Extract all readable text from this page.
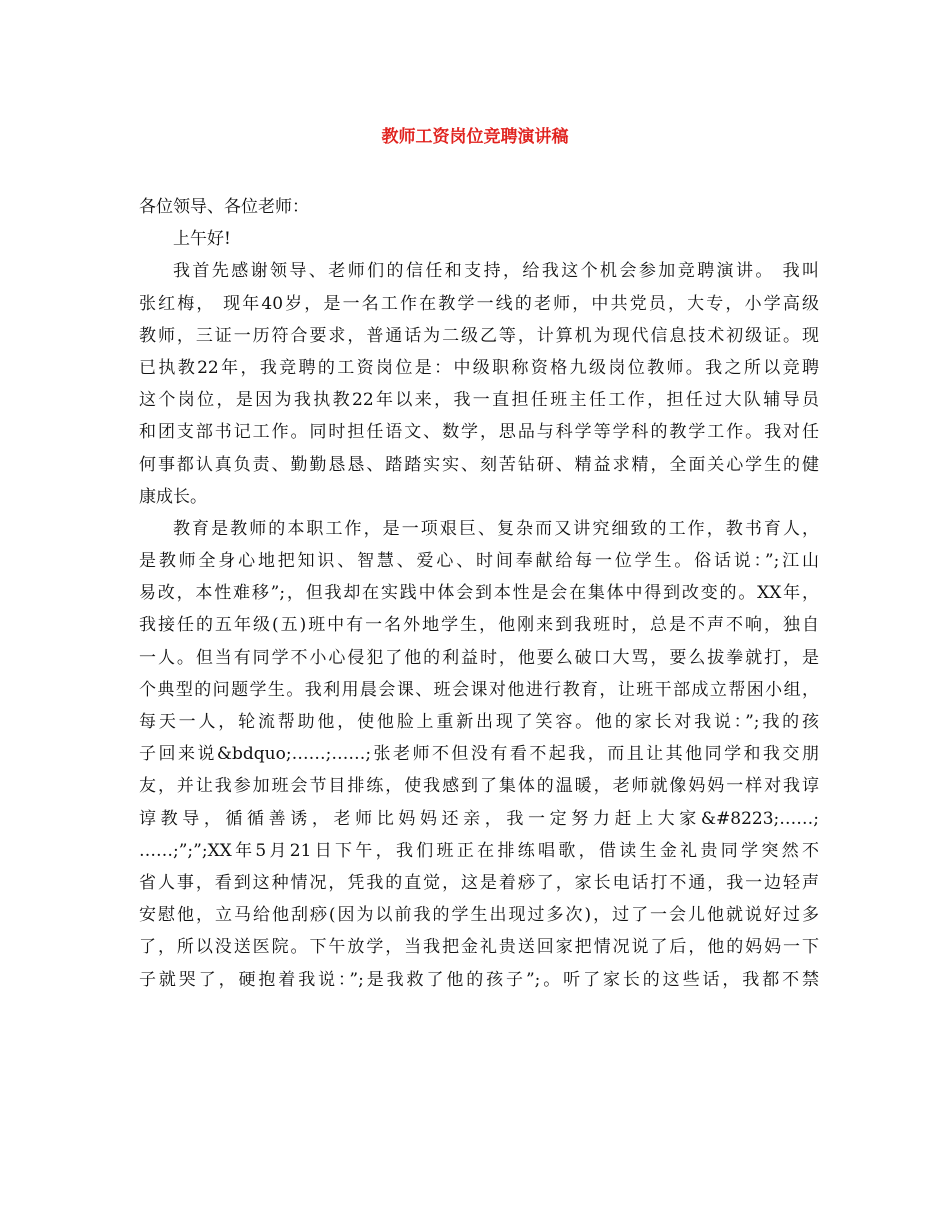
教师工资岗位竞聘演讲稿
各位领导、各位老师：
上午好!
我首先感谢领导、老师们的信任和支持，给我这个机会参加竞聘演讲。 我叫
张红梅， 现年40岁，是一名工作在教学一线的老师，中共党员，大专，小学高级
教师，三证一历符合要求，普通话为二级乙等，计算机为现代信息技术初级证。现
已执教22年，我竞聘的工资岗位是：中级职称资格九级岗位教师。我之所以竞聘
这个岗位，是因为我执教22年以来，我一直担任班主任工作，担任过大队辅导员
和团支部书记工作。同时担任语文、数学，思品与科学等学科的教学工作。我对任
何事都认真负责、勤勤恳恳、踏踏实实、刻苦钻研、精益求精，全面关心学生的健
康成长。
教育是教师的本职工作，是一项艰巨、复杂而又讲究细致的工作，教书育人，
是教师全身心地把知识、智慧、爱心、时间奉献给每一位学生。俗话说：”;江山
易改，本性难移”;，但我却在实践中体会到本性是会在集体中得到改变的。XX年，
我接任的五年级(五)班中有一名外地学生，他刚来到我班时，总是不声不响，独自
一人。但当有同学不小心侵犯了他的利益时，他要么破口大骂，要么拔拳就打，是
个典型的问题学生。我利用晨会课、班会课对他进行教育，让班干部成立帮困小组，
每天一人，轮流帮助他，使他脸上重新出现了笑容。他的家长对我说：”;我的孩
子回来说&bdquo;……;……;张老师不但没有看不起我，而且让其他同学和我交朋
友，并让我参加班会节目排练，使我感到了集体的温暖，老师就像妈妈一样对我谆
谆教导，循循善诱，老师比妈妈还亲，我一定努力赶上大家&#8223;……;
……;”;”;XX年5月21日下午，我们班正在排练唱歌，借读生金礼贵同学突然不
省人事，看到这种情况，凭我的直觉，这是着痧了，家长电话打不通，我一边轻声
安慰他，立马给他刮痧(因为以前我的学生出现过多次)，过了一会儿他就说好过多
了，所以没送医院。下午放学，当我把金礼贵送回家把情况说了后，他的妈妈一下
子就哭了，硬抱着我说：”;是我救了他的孩子”;。听了家长的这些话，我都不禁
